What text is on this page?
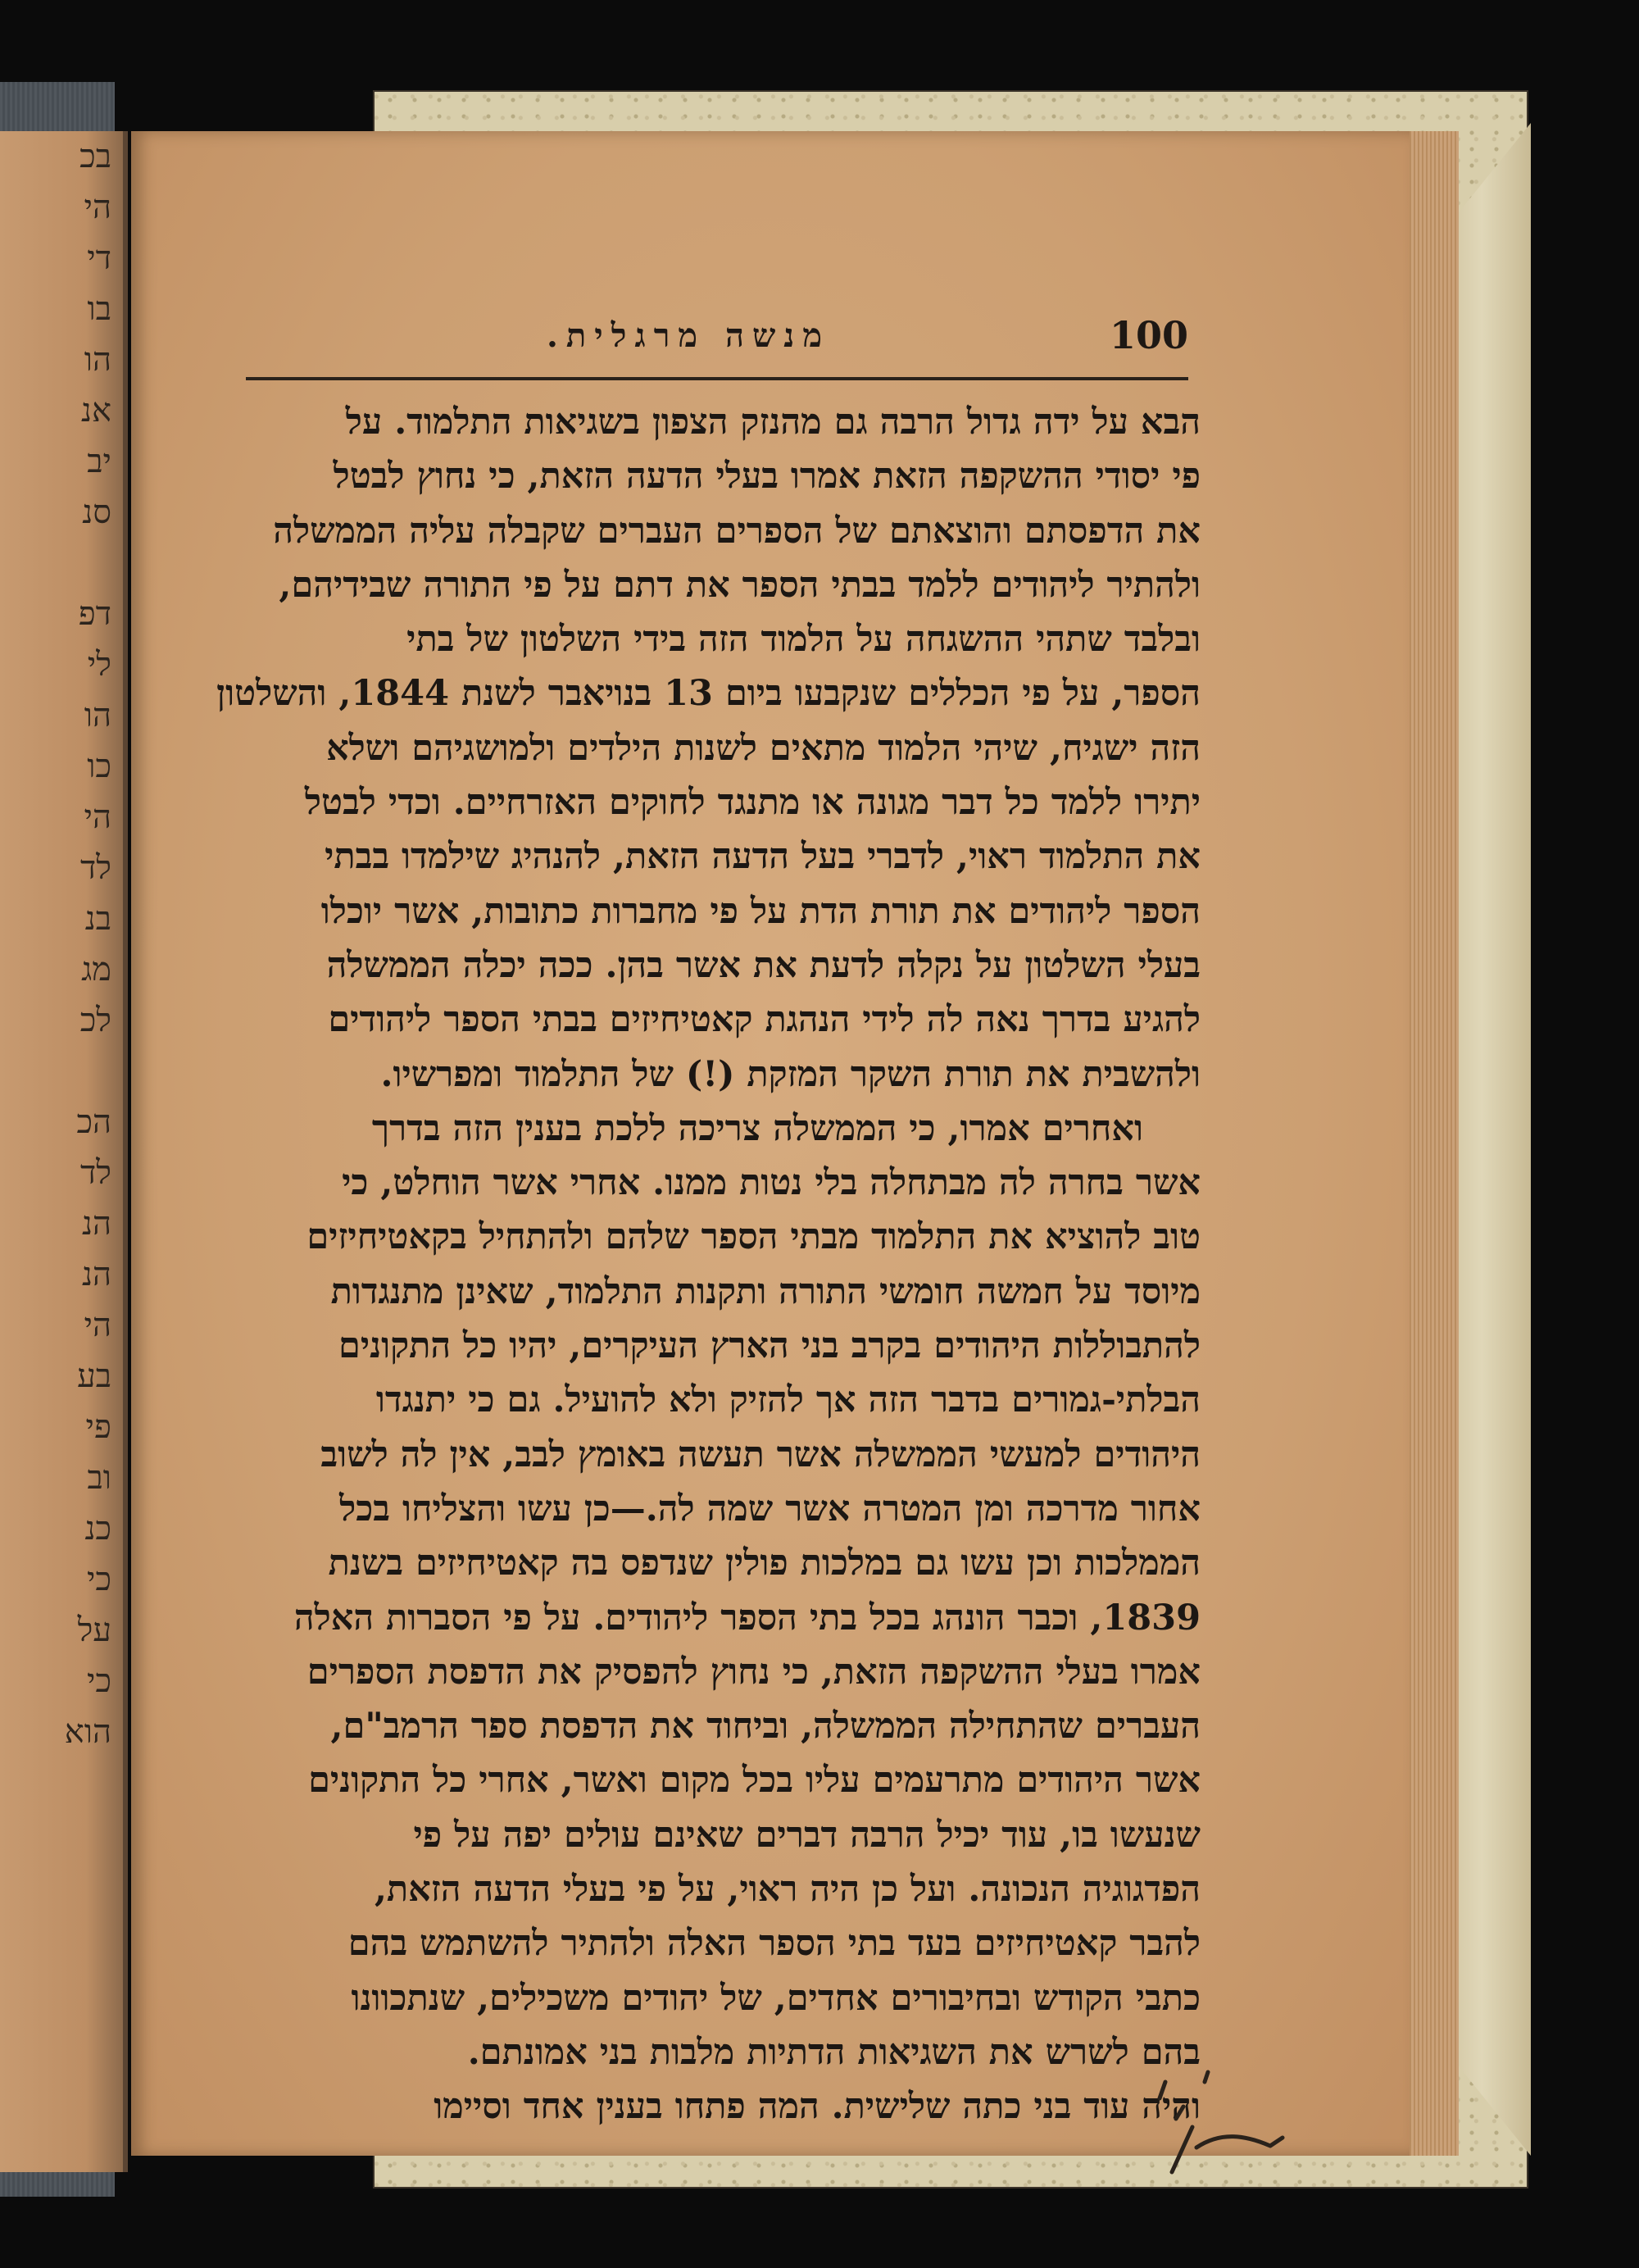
בכ
הי
די
בו
הו
אנ
יב
סנ

דפ
לי
הו
כו
הי
לד
בנ
מג
לכ

הכ
לד
הנ
הנ
הי
בע
פי
וב
כנ
כי
על
כי
הוא
100
מנשה מרגלית.
הבא על ידה גדול הרבה גם מהנזק הצפון בשגיאות התלמוד. על
פי יסודי ההשקפה הזאת אמרו בעלי הדעה הזאת, כי נחוץ לבטל
את הדפסתם והוצאתם של הספרים העברים שקבלה עליה הממשלה
ולהתיר ליהודים ללמד בבתי הספר את דתם על פי התורה שבידיהם,
ובלבד שתהי ההשגחה על הלמוד הזה בידי השלטון של בתי
הספר, על פי הכללים שנקבעו ביום 13 בנויאבר לשנת 1844, והשלטון
הזה ישגיח, שיהי הלמוד מתאים לשנות הילדים ולמושגיהם ושלא
יתירו ללמד כל דבר מגונה או מתנגד לחוקים האזרחיים. וכדי לבטל
את התלמוד ראוי, לדברי בעל הדעה הזאת, להנהיג שילמדו בבתי
הספר ליהודים את תורת הדת על פי מחברות כתובות, אשר יוכלו
בעלי השלטון על נקלה לדעת את אשר בהן. ככה יכלה הממשלה
להגיע בדרך נאה לה לידי הנהגת קאטיחיזים בבתי הספר ליהודים
ולהשבית את תורת השקר המזקת (!) של התלמוד ומפרשיו.
ואחרים אמרו, כי הממשלה צריכה ללכת בענין הזה בדרך
אשר בחרה לה מבתחלה בלי נטות ממנו. אחרי אשר הוחלט, כי
טוב להוציא את התלמוד מבתי הספר שלהם ולהתחיל בקאטיחיזים
מיוסד על חמשה חומשי התורה ותקנות התלמוד, שאינן מתנגדות
להתבוללות היהודים בקרב בני הארץ העיקרים, יהיו כל התקונים
הבלתי-גמורים בדבר הזה אך להזיק ולא להועיל. גם כי יתנגדו
היהודים למעשי הממשלה אשר תעשה באומץ לבב, אין לה לשוב
אחור מדרכה ומן המטרה אשר שמה לה.—כן עשו והצליחו בכל
הממלכות וכן עשו גם במלכות פולין שנדפס בה קאטיחיזים בשנת
1839, וכבר הונהג בכל בתי הספר ליהודים. על פי הסברות האלה
אמרו בעלי ההשקפה הזאת, כי נחוץ להפסיק את הדפסת הספרים
העברים שהתחילה הממשלה, וביחוד את הדפסת ספר הרמב"ם,
אשר היהודים מתרעמים עליו בכל מקום ואשר, אחרי כל התקונים
שנעשו בו, עוד יכיל הרבה דברים שאינם עולים יפה על פי
הפדגוגיה הנכונה. ועל כן היה ראוי, על פי בעלי הדעה הזאת,
להבר קאטיחיזים בעד בתי הספר האלה ולהתיר להשתמש בהם
כתבי הקודש ובחיבורים אחדים, של יהודים משכילים, שנתכוונו
בהם לשרש את השגיאות הדתיות מלבות בני אמונתם.
והיה עוד בני כתה שלישית. המה פתחו בענין אחד וסיימו
